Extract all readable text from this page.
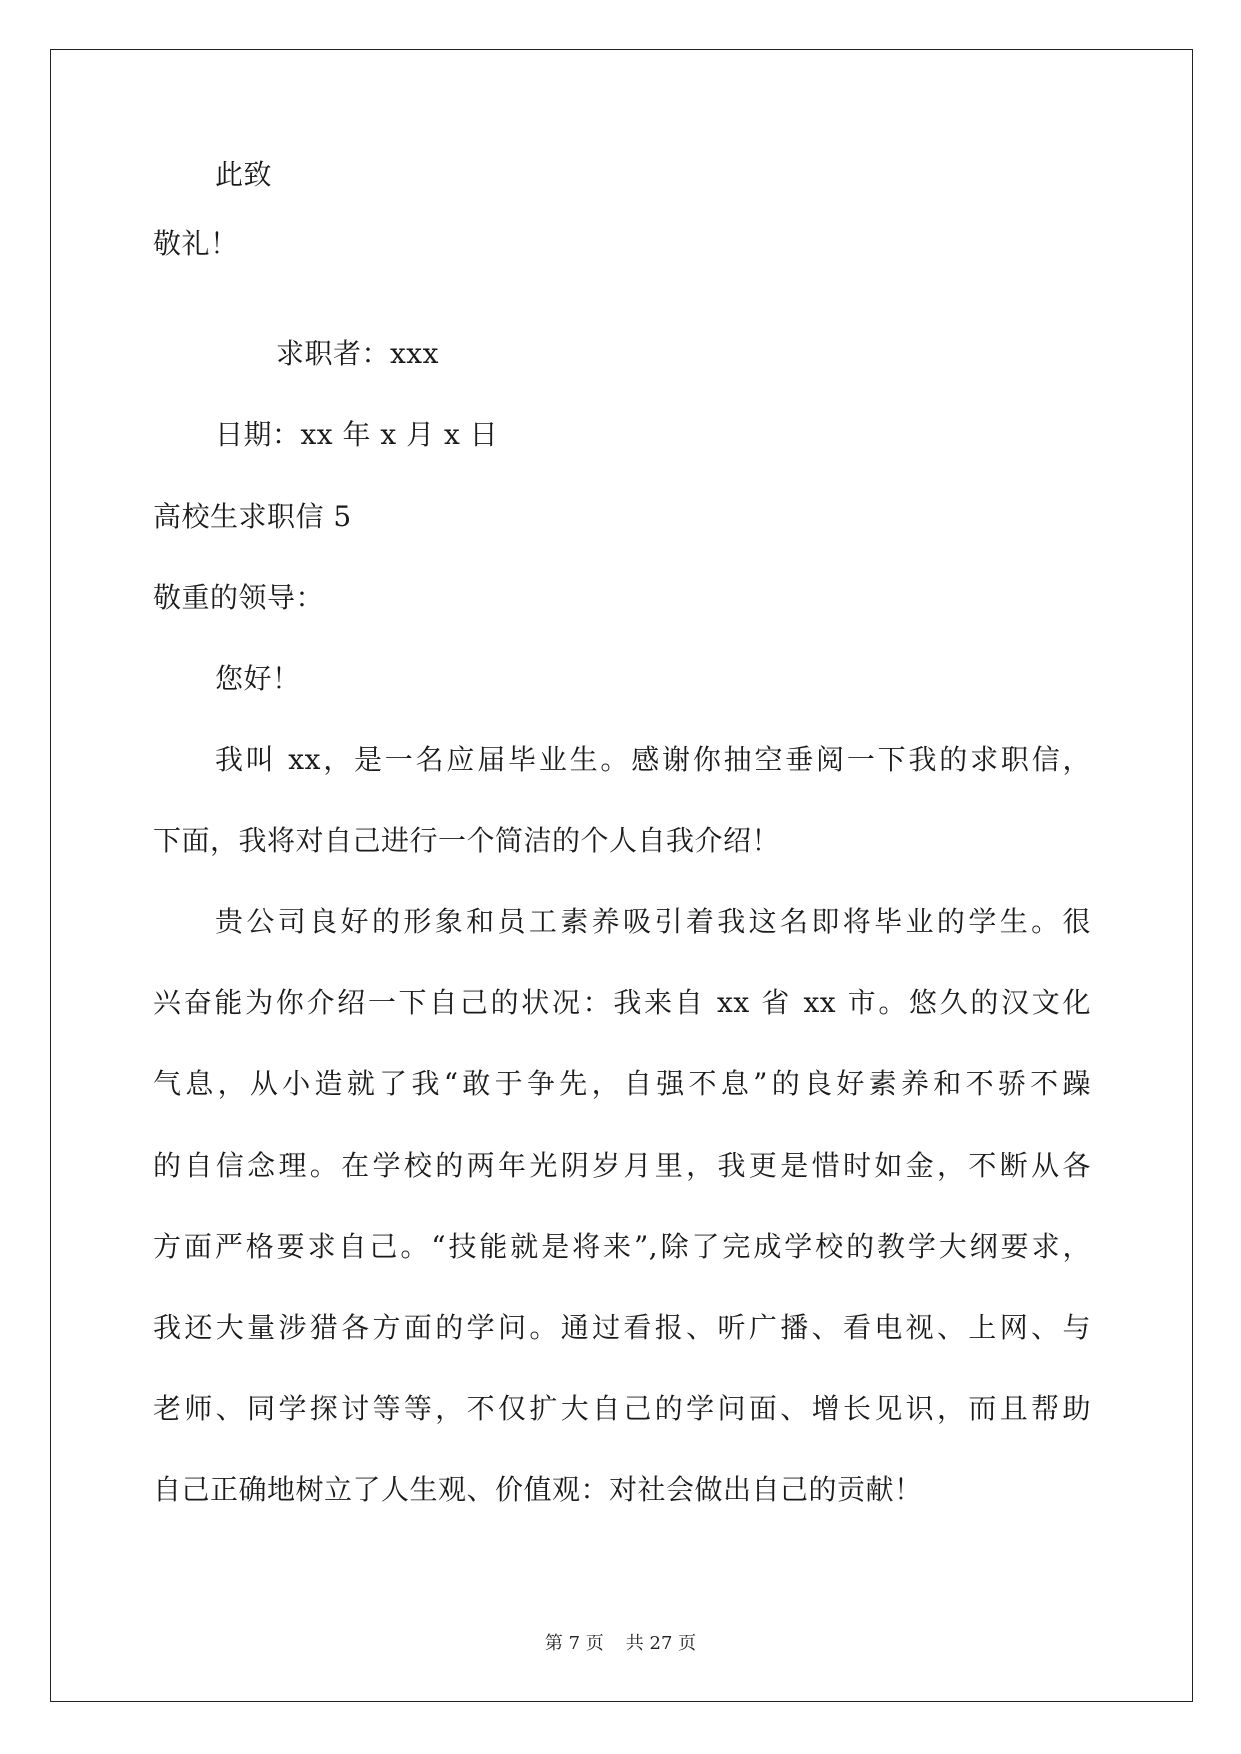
此致
敬礼！
求职者：xxx
日期：xx 年 x 月 x 日
高校生求职信 5
敬重的领导：
您好！
我叫 xx，是一名应届毕业生。感谢你抽空垂阅一下我的求职信，
下面，我将对自己进行一个简洁的个人自我介绍！
贵公司良好的形象和员工素养吸引着我这名即将毕业的学生。很
兴奋能为你介绍一下自己的状况：我来自 xx 省 xx 市。悠久的汉文化
气息，从小造就了我“敢于争先，自强不息”的良好素养和不骄不躁
的自信念理。在学校的两年光阴岁月里，我更是惜时如金，不断从各
方面严格要求自己。“技能就是将来”,除了完成学校的教学大纲要求，
我还大量涉猎各方面的学问。通过看报、听广播、看电视、上网、与
老师、同学探讨等等，不仅扩大自己的学问面、增长见识，而且帮助
自己正确地树立了人生观、价值观：对社会做出自己的贡献！
第 7 页 共 27 页
